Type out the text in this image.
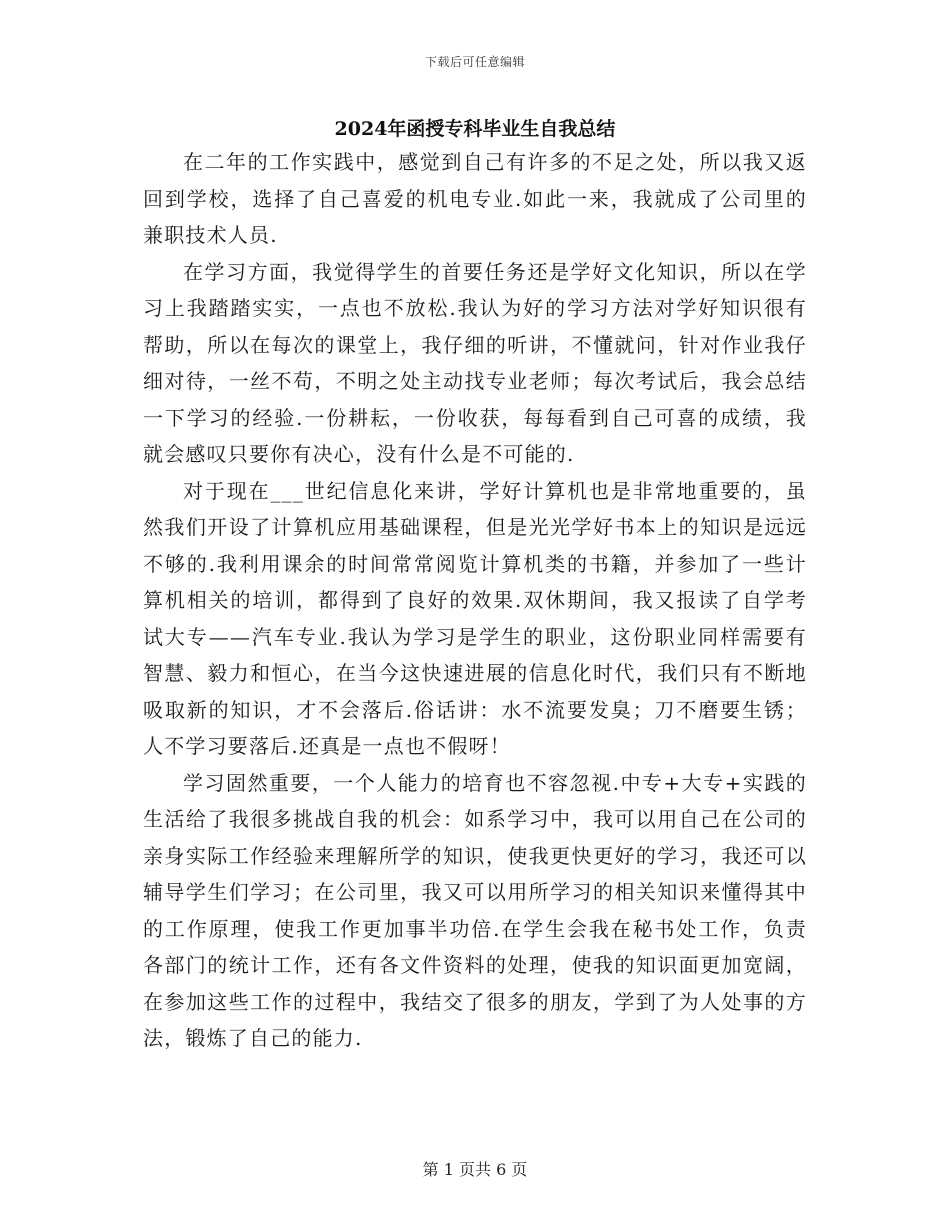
下载后可任意编辑
2024年函授专科毕业生自我总结

在二年的工作实践中，感觉到自己有许多的不足之处，所以我又返回到学校，选择了自己喜爱的机电专业.如此一来，我就成了公司里的兼职技术人员.

在学习方面，我觉得学生的首要任务还是学好文化知识，所以在学习上我踏踏实实，一点也不放松.我认为好的学习方法对学好知识很有帮助，所以在每次的课堂上，我仔细的听讲，不懂就问，针对作业我仔细对待，一丝不苟，不明之处主动找专业老师；每次考试后，我会总结一下学习的经验.一份耕耘，一份收获，每每看到自己可喜的成绩，我就会感叹只要你有决心，没有什么是不可能的.

对于现在___世纪信息化来讲，学好计算机也是非常地重要的，虽然我们开设了计算机应用基础课程，但是光光学好书本上的知识是远远不够的.我利用课余的时间常常阅览计算机类的书籍，并参加了一些计算机相关的培训，都得到了良好的效果.双休期间，我又报读了自学考试大专——汽车专业.我认为学习是学生的职业，这份职业同样需要有智慧、毅力和恒心，在当今这快速进展的信息化时代，我们只有不断地吸取新的知识，才不会落后.俗话讲：水不流要发臭；刀不磨要生锈；人不学习要落后.还真是一点也不假呀！

学习固然重要，一个人能力的培育也不容忽视.中专+大专+实践的生活给了我很多挑战自我的机会：如系学习中，我可以用自己在公司的亲身实际工作经验来理解所学的知识，使我更快更好的学习，我还可以辅导学生们学习；在公司里，我又可以用所学习的相关知识来懂得其中的工作原理，使我工作更加事半功倍.在学生会我在秘书处工作，负责各部门的统计工作，还有各文件资料的处理，使我的知识面更加宽阔，在参加这些工作的过程中，我结交了很多的朋友，学到了为人处事的方法，锻炼了自己的能力.

第 1 页共 6 页
